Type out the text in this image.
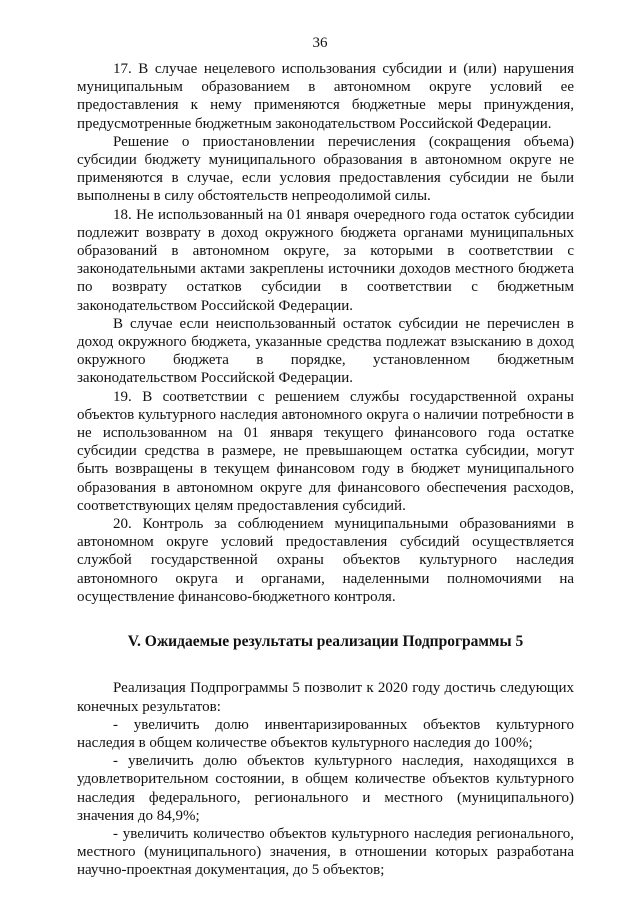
36

17. В случае нецелевого использования субсидии и (или) нарушения муниципальным образованием в автономном округе условий ее предоставления к нему применяются бюджетные меры принуждения, предусмотренные бюджетным законодательством Российской Федерации.

Решение о приостановлении перечисления (сокращения объема) субсидии бюджету муниципального образования в автономном округе не применяются в случае, если условия предоставления субсидии не были выполнены в силу обстоятельств непреодолимой силы.

18. Не использованный на 01 января очередного года остаток субсидии подлежит возврату в доход окружного бюджета органами муниципальных образований в автономном округе, за которыми в соответствии с законодательными актами закреплены источники доходов местного бюджета по возврату остатков субсидии в соответствии с бюджетным законодательством Российской Федерации.

В случае если неиспользованный остаток субсидии не перечислен в доход окружного бюджета, указанные средства подлежат взысканию в доход окружного бюджета в порядке, установленном бюджетным законодательством Российской Федерации.

19. В соответствии с решением службы государственной охраны объектов культурного наследия автономного округа о наличии потребности в не использованном на 01 января текущего финансового года остатке субсидии средства в размере, не превышающем остатка субсидии, могут быть возвращены в текущем финансовом году в бюджет муниципального образования в автономном округе для финансового обеспечения расходов, соответствующих целям предоставления субсидий.

20. Контроль за соблюдением муниципальными образованиями в автономном округе условий предоставления субсидий осуществляется службой государственной охраны объектов культурного наследия автономного округа и органами, наделенными полномочиями на осуществление финансово-бюджетного контроля.

V. Ожидаемые результаты реализации Подпрограммы 5

Реализация Подпрограммы 5 позволит к 2020 году достичь следующих конечных результатов:

- увеличить долю инвентаризированных объектов культурного наследия в общем количестве объектов культурного наследия до 100%;

- увеличить долю объектов культурного наследия, находящихся в удовлетворительном состоянии, в общем количестве объектов культурного наследия федерального, регионального и местного (муниципального) значения до 84,9%;

- увеличить количество объектов культурного наследия регионального, местного (муниципального) значения, в отношении которых разработана научно-проектная документация, до 5 объектов;
